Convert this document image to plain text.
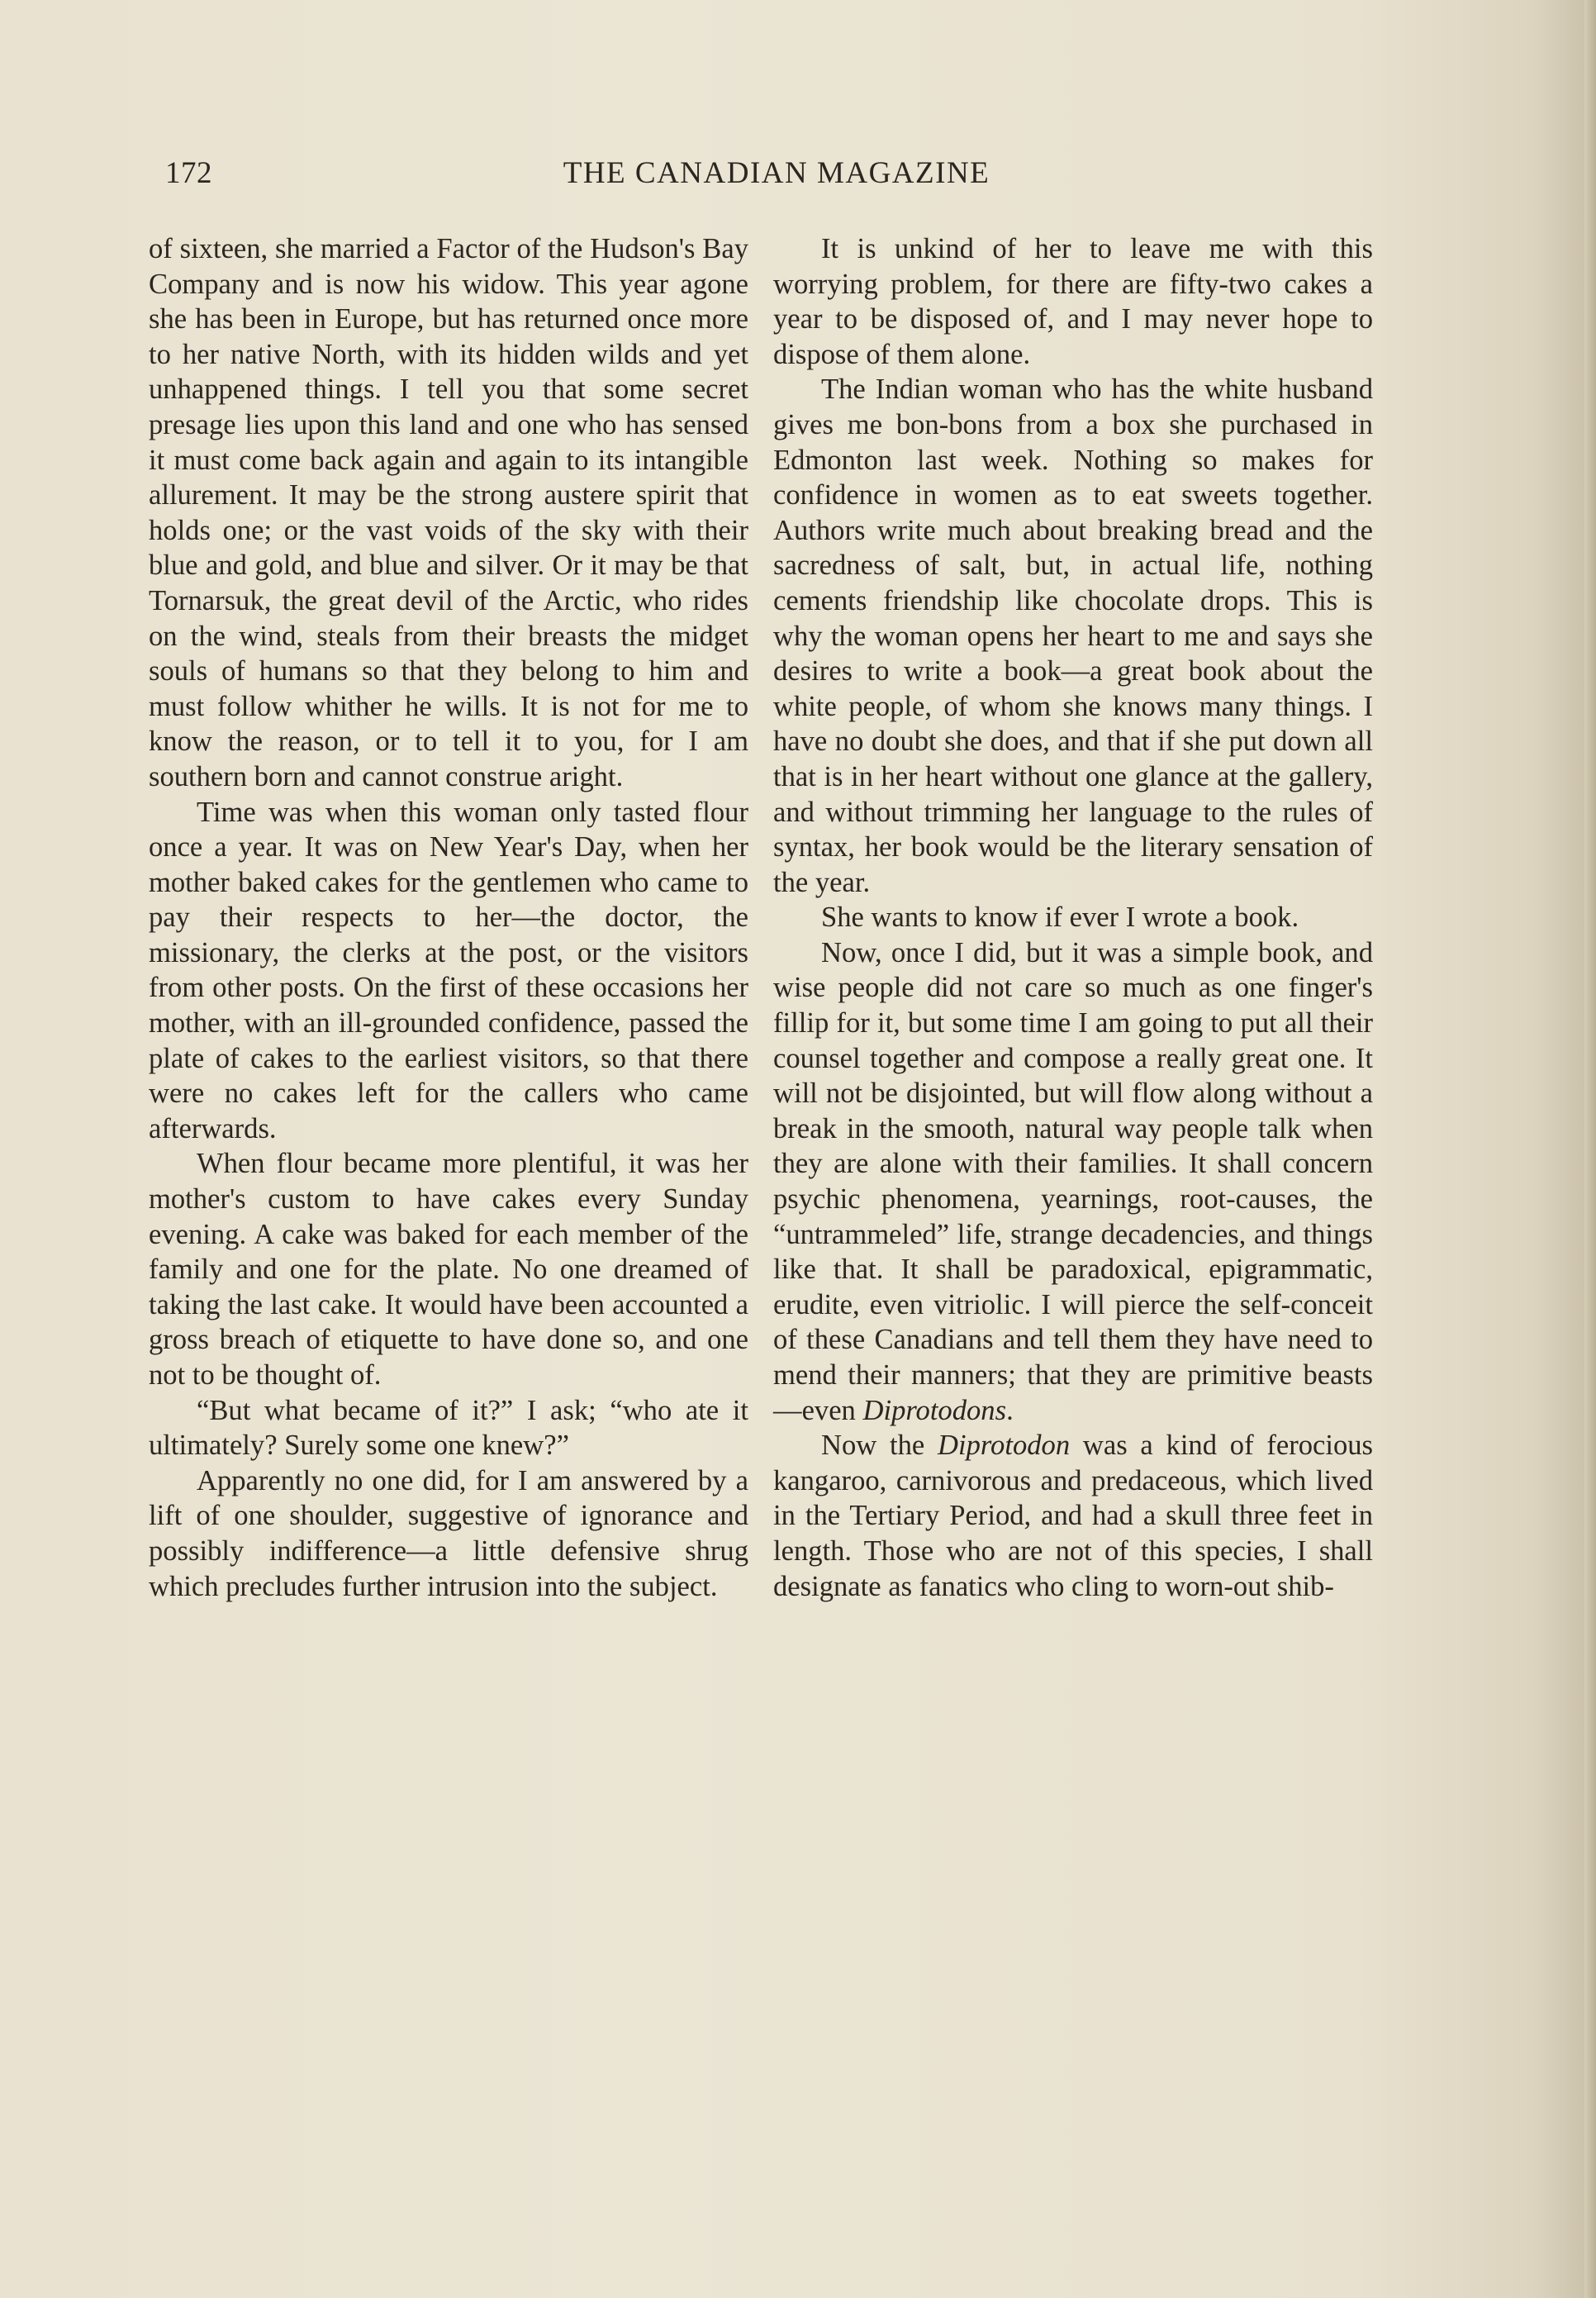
172	THE CANADIAN MAGAZINE

of sixteen, she married a Factor of the Hudson's Bay Company and is now his widow. This year agone she has been in Europe, but has returned once more to her native North, with its hidden wilds and yet unhappened things. I tell you that some secret presage lies upon this land and one who has sensed it must come back again and again to its intangible allurement. It may be the strong austere spirit that holds one; or the vast voids of the sky with their blue and gold, and blue and silver. Or it may be that Tornarsuk, the great devil of the Arctic, who rides on the wind, steals from their breasts the midget souls of humans so that they belong to him and must follow whither he wills. It is not for me to know the reason, or to tell it to you, for I am southern born and cannot construe aright.

Time was when this woman only tasted flour once a year. It was on New Year's Day, when her mother baked cakes for the gentlemen who came to pay their respects to her—the doctor, the missionary, the clerks at the post, or the visitors from other posts. On the first of these occasions her mother, with an ill-grounded confidence, passed the plate of cakes to the earliest visitors, so that there were no cakes left for the callers who came afterwards.

When flour became more plentiful, it was her mother's custom to have cakes every Sunday evening. A cake was baked for each member of the family and one for the plate. No one dreamed of taking the last cake. It would have been accounted a gross breach of etiquette to have done so, and one not to be thought of.

“But what became of it?” I ask; “who ate it ultimately? Surely some one knew?”

Apparently no one did, for I am answered by a lift of one shoulder, suggestive of ignorance and possibly indifference—a little defensive shrug which precludes further intrusion into the subject.

It is unkind of her to leave me with this worrying problem, for there are fifty-two cakes a year to be disposed of, and I may never hope to dispose of them alone.

The Indian woman who has the white husband gives me bon-bons from a box she purchased in Edmonton last week. Nothing so makes for confidence in women as to eat sweets together. Authors write much about breaking bread and the sacredness of salt, but, in actual life, nothing cements friendship like chocolate drops. This is why the woman opens her heart to me and says she desires to write a book—a great book about the white people, of whom she knows many things. I have no doubt she does, and that if she put down all that is in her heart without one glance at the gallery, and without trimming her language to the rules of syntax, her book would be the literary sensation of the year.

She wants to know if ever I wrote a book.

Now, once I did, but it was a simple book, and wise people did not care so much as one finger's fillip for it, but some time I am going to put all their counsel together and compose a really great one. It will not be disjointed, but will flow along without a break in the smooth, natural way people talk when they are alone with their families. It shall concern psychic phenomena, yearnings, root-causes, the “untrammeled” life, strange decadencies, and things like that. It shall be paradoxical, epigrammatic, erudite, even vitriolic. I will pierce the self-conceit of these Canadians and tell them they have need to mend their manners; that they are primitive beasts—even Diprotodons.

Now the Diprotodon was a kind of ferocious kangaroo, carnivorous and predaceous, which lived in the Tertiary Period, and had a skull three feet in length. Those who are not of this species, I shall designate as fanatics who cling to worn-out shib-
